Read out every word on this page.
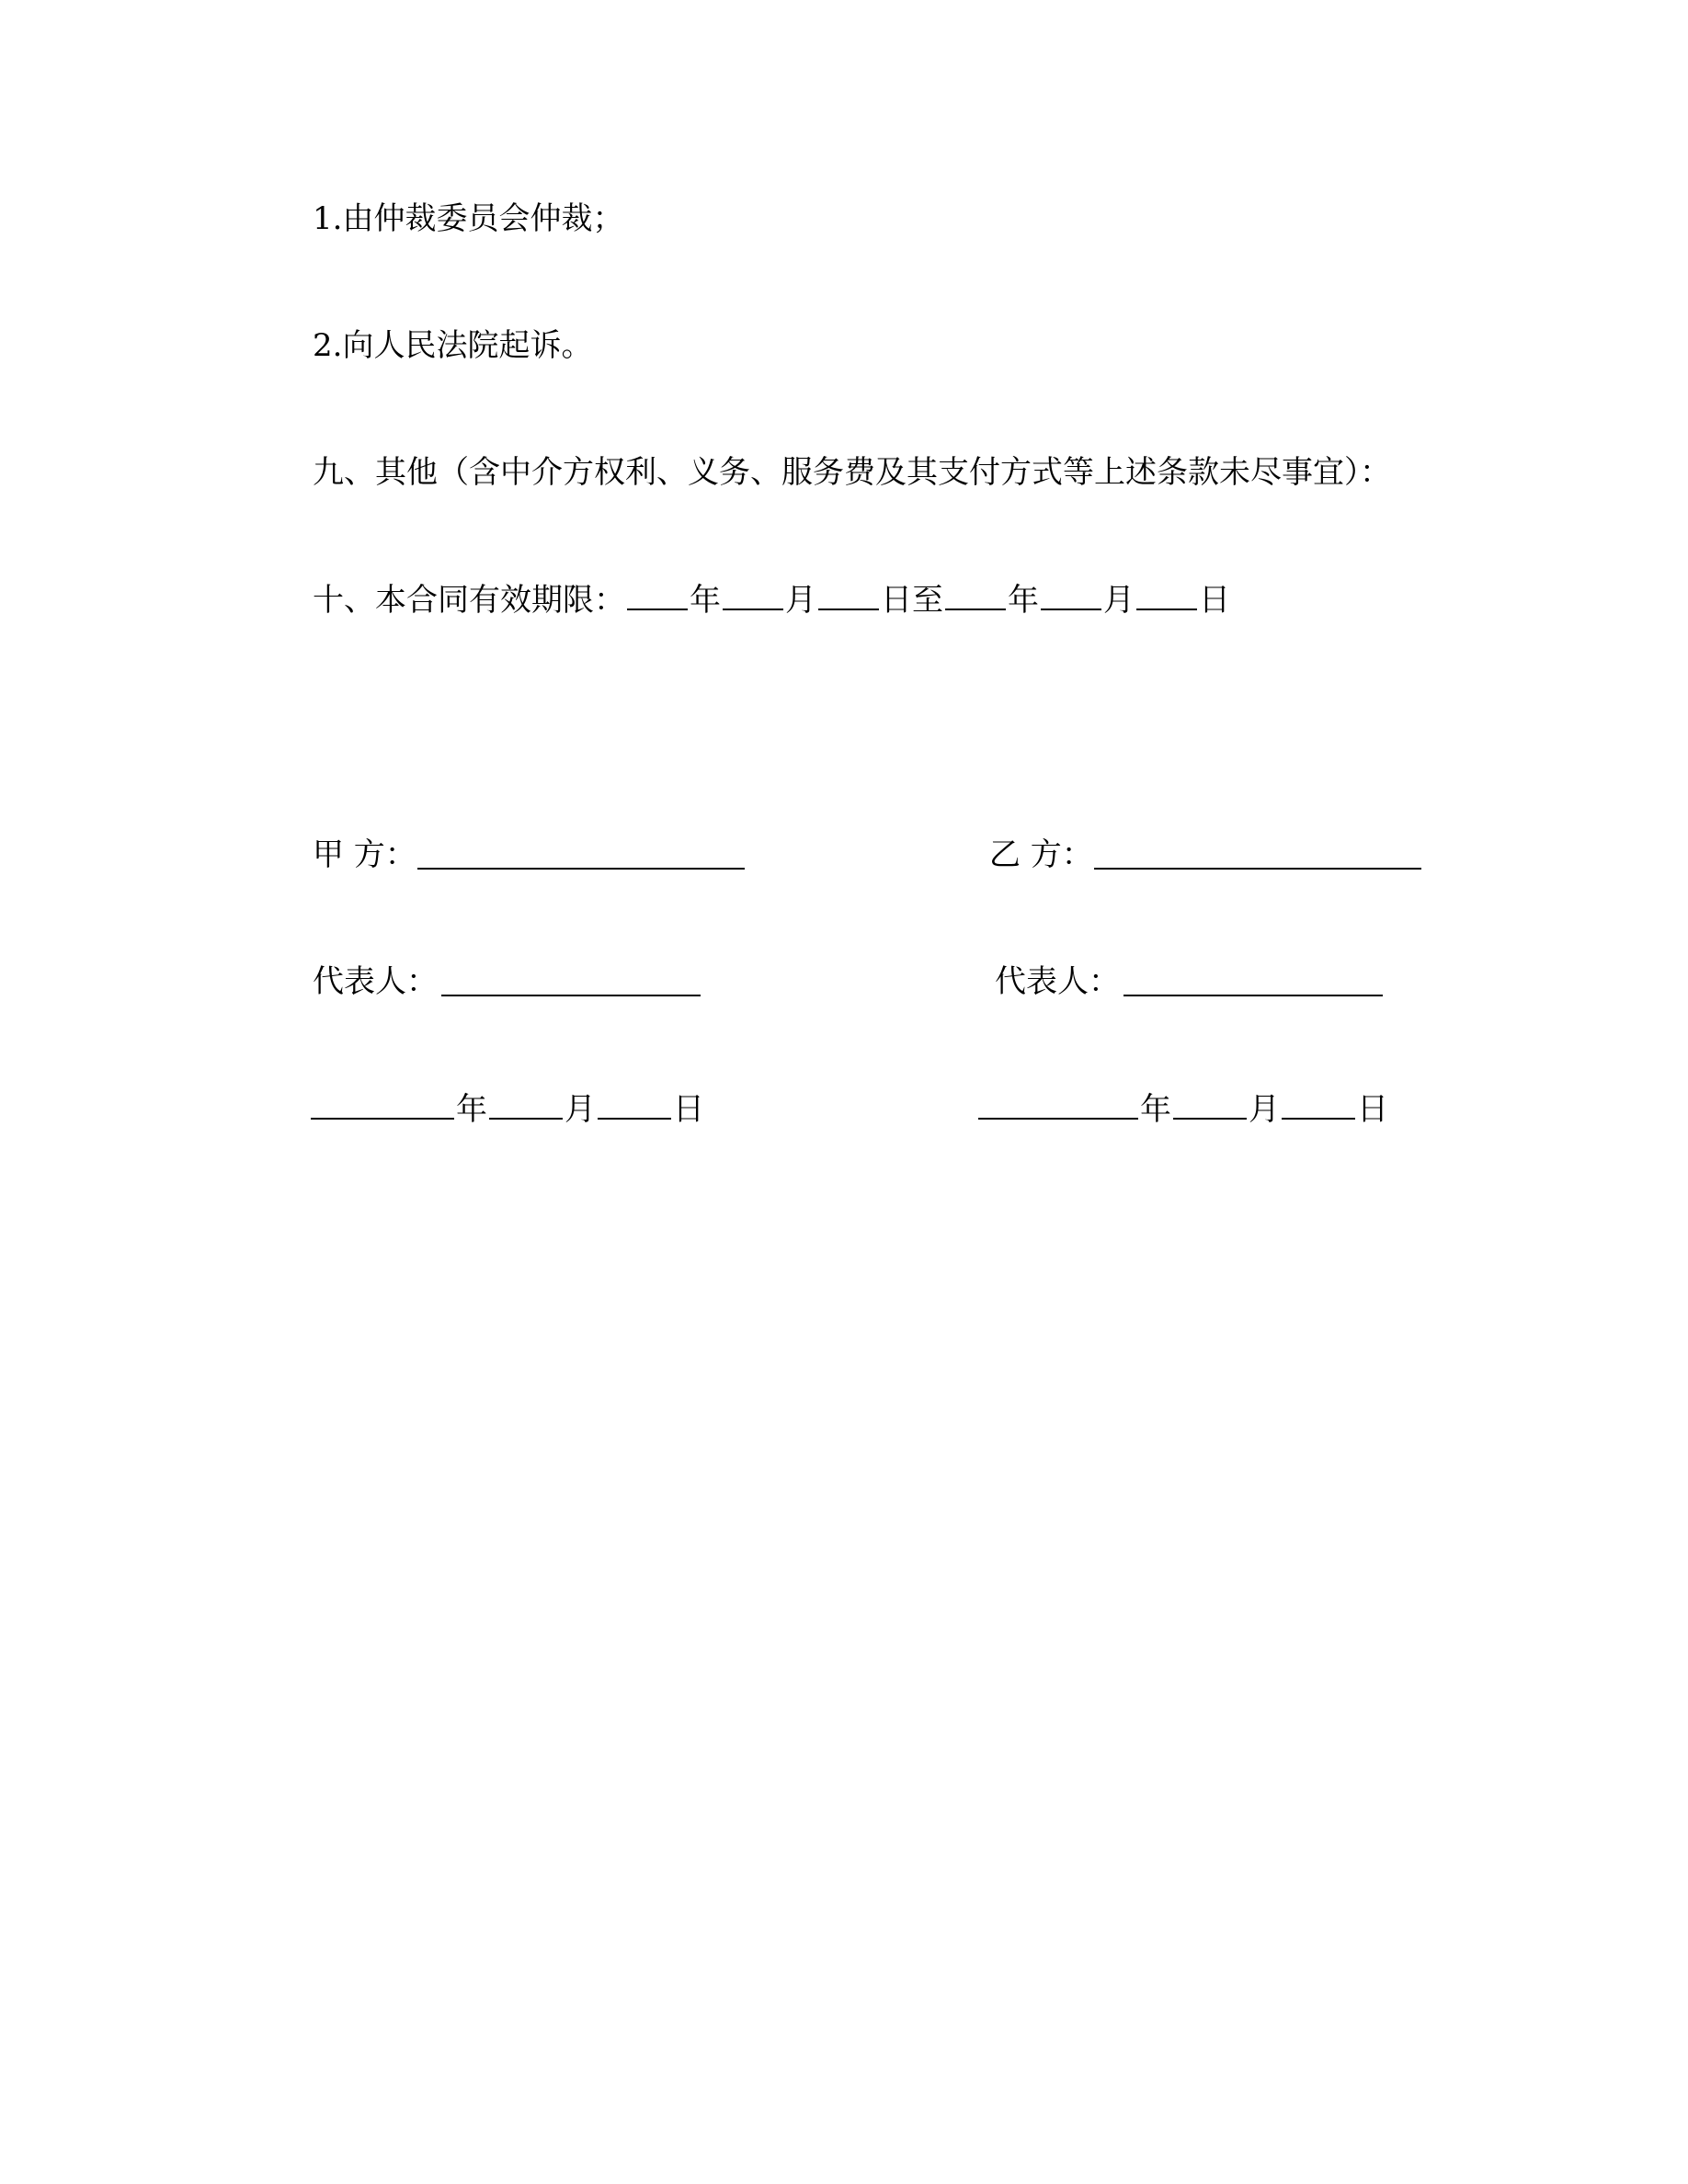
1.由仲裁委员会仲裁；
2.向人民法院起诉。
九、其他（含中介方权利、义务、服务费及其支付方式等上述条款未尽事宜）：
十、本合同有效期限： 年 月 日至 年 月 日
甲 方：	乙 方：
代表人：	代表人：
年 月 日	年 月 日
